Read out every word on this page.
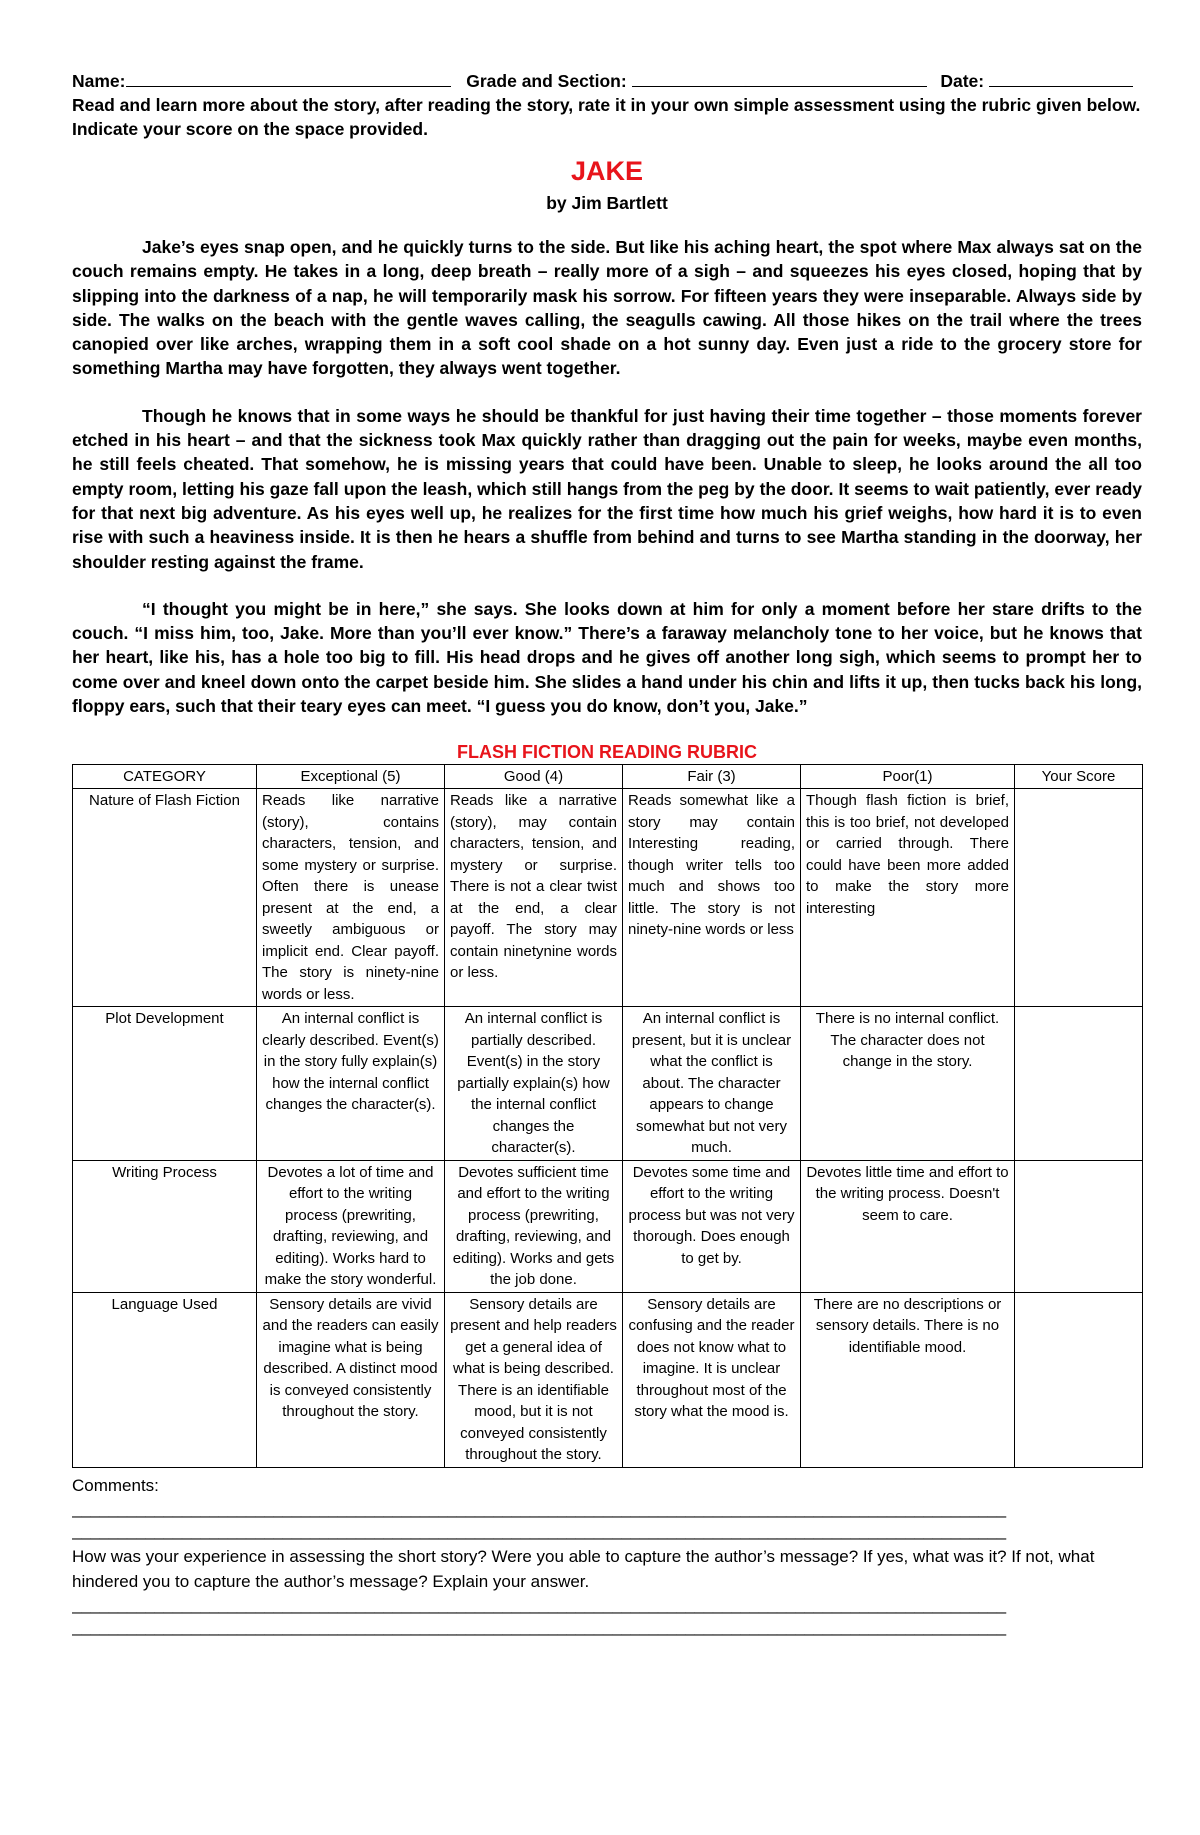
Name:	Grade and Section:	Date:
Read and learn more about the story, after reading the story, rate it in your own simple assessment using the rubric given below. Indicate your score on the space provided.
JAKE
by Jim Bartlett

Jake’s eyes snap open, and he quickly turns to the side. But like his aching heart, the spot where Max always sat on the couch remains empty. He takes in a long, deep breath – really more of a sigh – and squeezes his eyes closed, hoping that by slipping into the darkness of a nap, he will temporarily mask his sorrow. For fifteen years they were inseparable. Always side by side. The walks on the beach with the gentle waves calling, the seagulls cawing. All those hikes on the trail where the trees canopied over like arches, wrapping them in a soft cool shade on a hot sunny day. Even just a ride to the grocery store for something Martha may have forgotten, they always went together.

Though he knows that in some ways he should be thankful for just having their time together – those moments forever etched in his heart – and that the sickness took Max quickly rather than dragging out the pain for weeks, maybe even months, he still feels cheated. That somehow, he is missing years that could have been. Unable to sleep, he looks around the all too empty room, letting his gaze fall upon the leash, which still hangs from the peg by the door. It seems to wait patiently, ever ready for that next big adventure. As his eyes well up, he realizes for the first time how much his grief weighs, how hard it is to even rise with such a heaviness inside. It is then he hears a shuffle from behind and turns to see Martha standing in the doorway, her shoulder resting against the frame.

“I thought you might be in here,” she says. She looks down at him for only a moment before her stare drifts to the couch. “I miss him, too, Jake. More than you’ll ever know.” There’s a faraway melancholy tone to her voice, but he knows that her heart, like his, has a hole too big to fill. His head drops and he gives off another long sigh, which seems to prompt her to come over and kneel down onto the carpet beside him. She slides a hand under his chin and lifts it up, then tucks back his long, floppy ears, such that their teary eyes can meet. “I guess you do know, don’t you, Jake.”

FLASH FICTION READING RUBRIC
CATEGORY	Exceptional (5)	Good (4)	Fair (3)	Poor(1)	Your Score
Nature of Flash Fiction	Reads like narrative (story), contains characters, tension, and some mystery or surprise. Often there is unease present at the end, a sweetly ambiguous or implicit end. Clear payoff. The story is ninety-nine words or less.	Reads like a narrative (story), may contain characters, tension, and mystery or surprise. There is not a clear twist at the end, a clear payoff. The story may contain ninetynine words or less.	Reads somewhat like a story may contain Interesting reading, though writer tells too much and shows too little. The story is not ninety-nine words or less	Though flash fiction is brief, this is too brief, not developed or carried through. There could have been more added to make the story more interesting	
Plot Development	An internal conflict is clearly described. Event(s) in the story fully explain(s) how the internal conflict changes the character(s).	An internal conflict is partially described. Event(s) in the story partially explain(s) how the internal conflict changes the character(s).	An internal conflict is present, but it is unclear what the conflict is about. The character appears to change somewhat but not very much.	There is no internal conflict. The character does not change in the story.	
Writing Process	Devotes a lot of time and effort to the writing process (prewriting, drafting, reviewing, and editing). Works hard to make the story wonderful.	Devotes sufficient time and effort to the writing process (prewriting, drafting, reviewing, and editing). Works and gets the job done.	Devotes some time and effort to the writing process but was not very thorough. Does enough to get by.	Devotes little time and effort to the writing process. Doesn't seem to care.	
Language Used	Sensory details are vivid and the readers can easily imagine what is being described. A distinct mood is conveyed consistently throughout the story.	Sensory details are present and help readers get a general idea of what is being described. There is an identifiable mood, but it is not conveyed consistently throughout the story.	Sensory details are confusing and the reader does not know what to imagine. It is unclear throughout most of the story what the mood is.	There are no descriptions or sensory details. There is no identifiable mood.	
Comments:
______________________________________________________________________________________________________
______________________________________________________________________________________________________
How was your experience in assessing the short story? Were you able to capture the author’s message? If yes, what was it? If not, what hindered you to capture the author’s message? Explain your answer.
______________________________________________________________________________________________________
______________________________________________________________________________________________________
